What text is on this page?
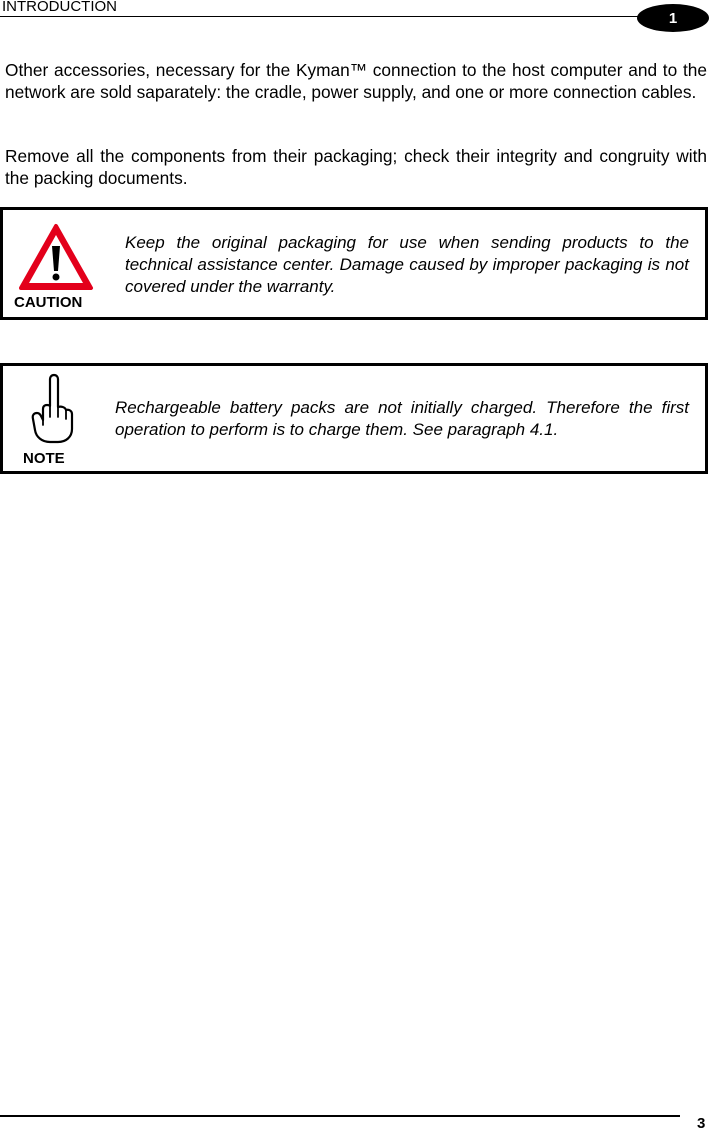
INTRODUCTION
1

Other accessories, necessary for the Kyman™ connection to the host computer and to the network are sold saparately: the cradle, power supply, and one or more connection cables.

Remove all the components from their packaging; check their integrity and congruity with the packing documents.

CAUTION

Keep the original packaging for use when sending products to the technical assistance center. Damage caused by improper packaging is not covered under the warranty.

NOTE

Rechargeable battery packs are not initially charged. Therefore the first operation to perform is to charge them. See paragraph 4.1.

3
